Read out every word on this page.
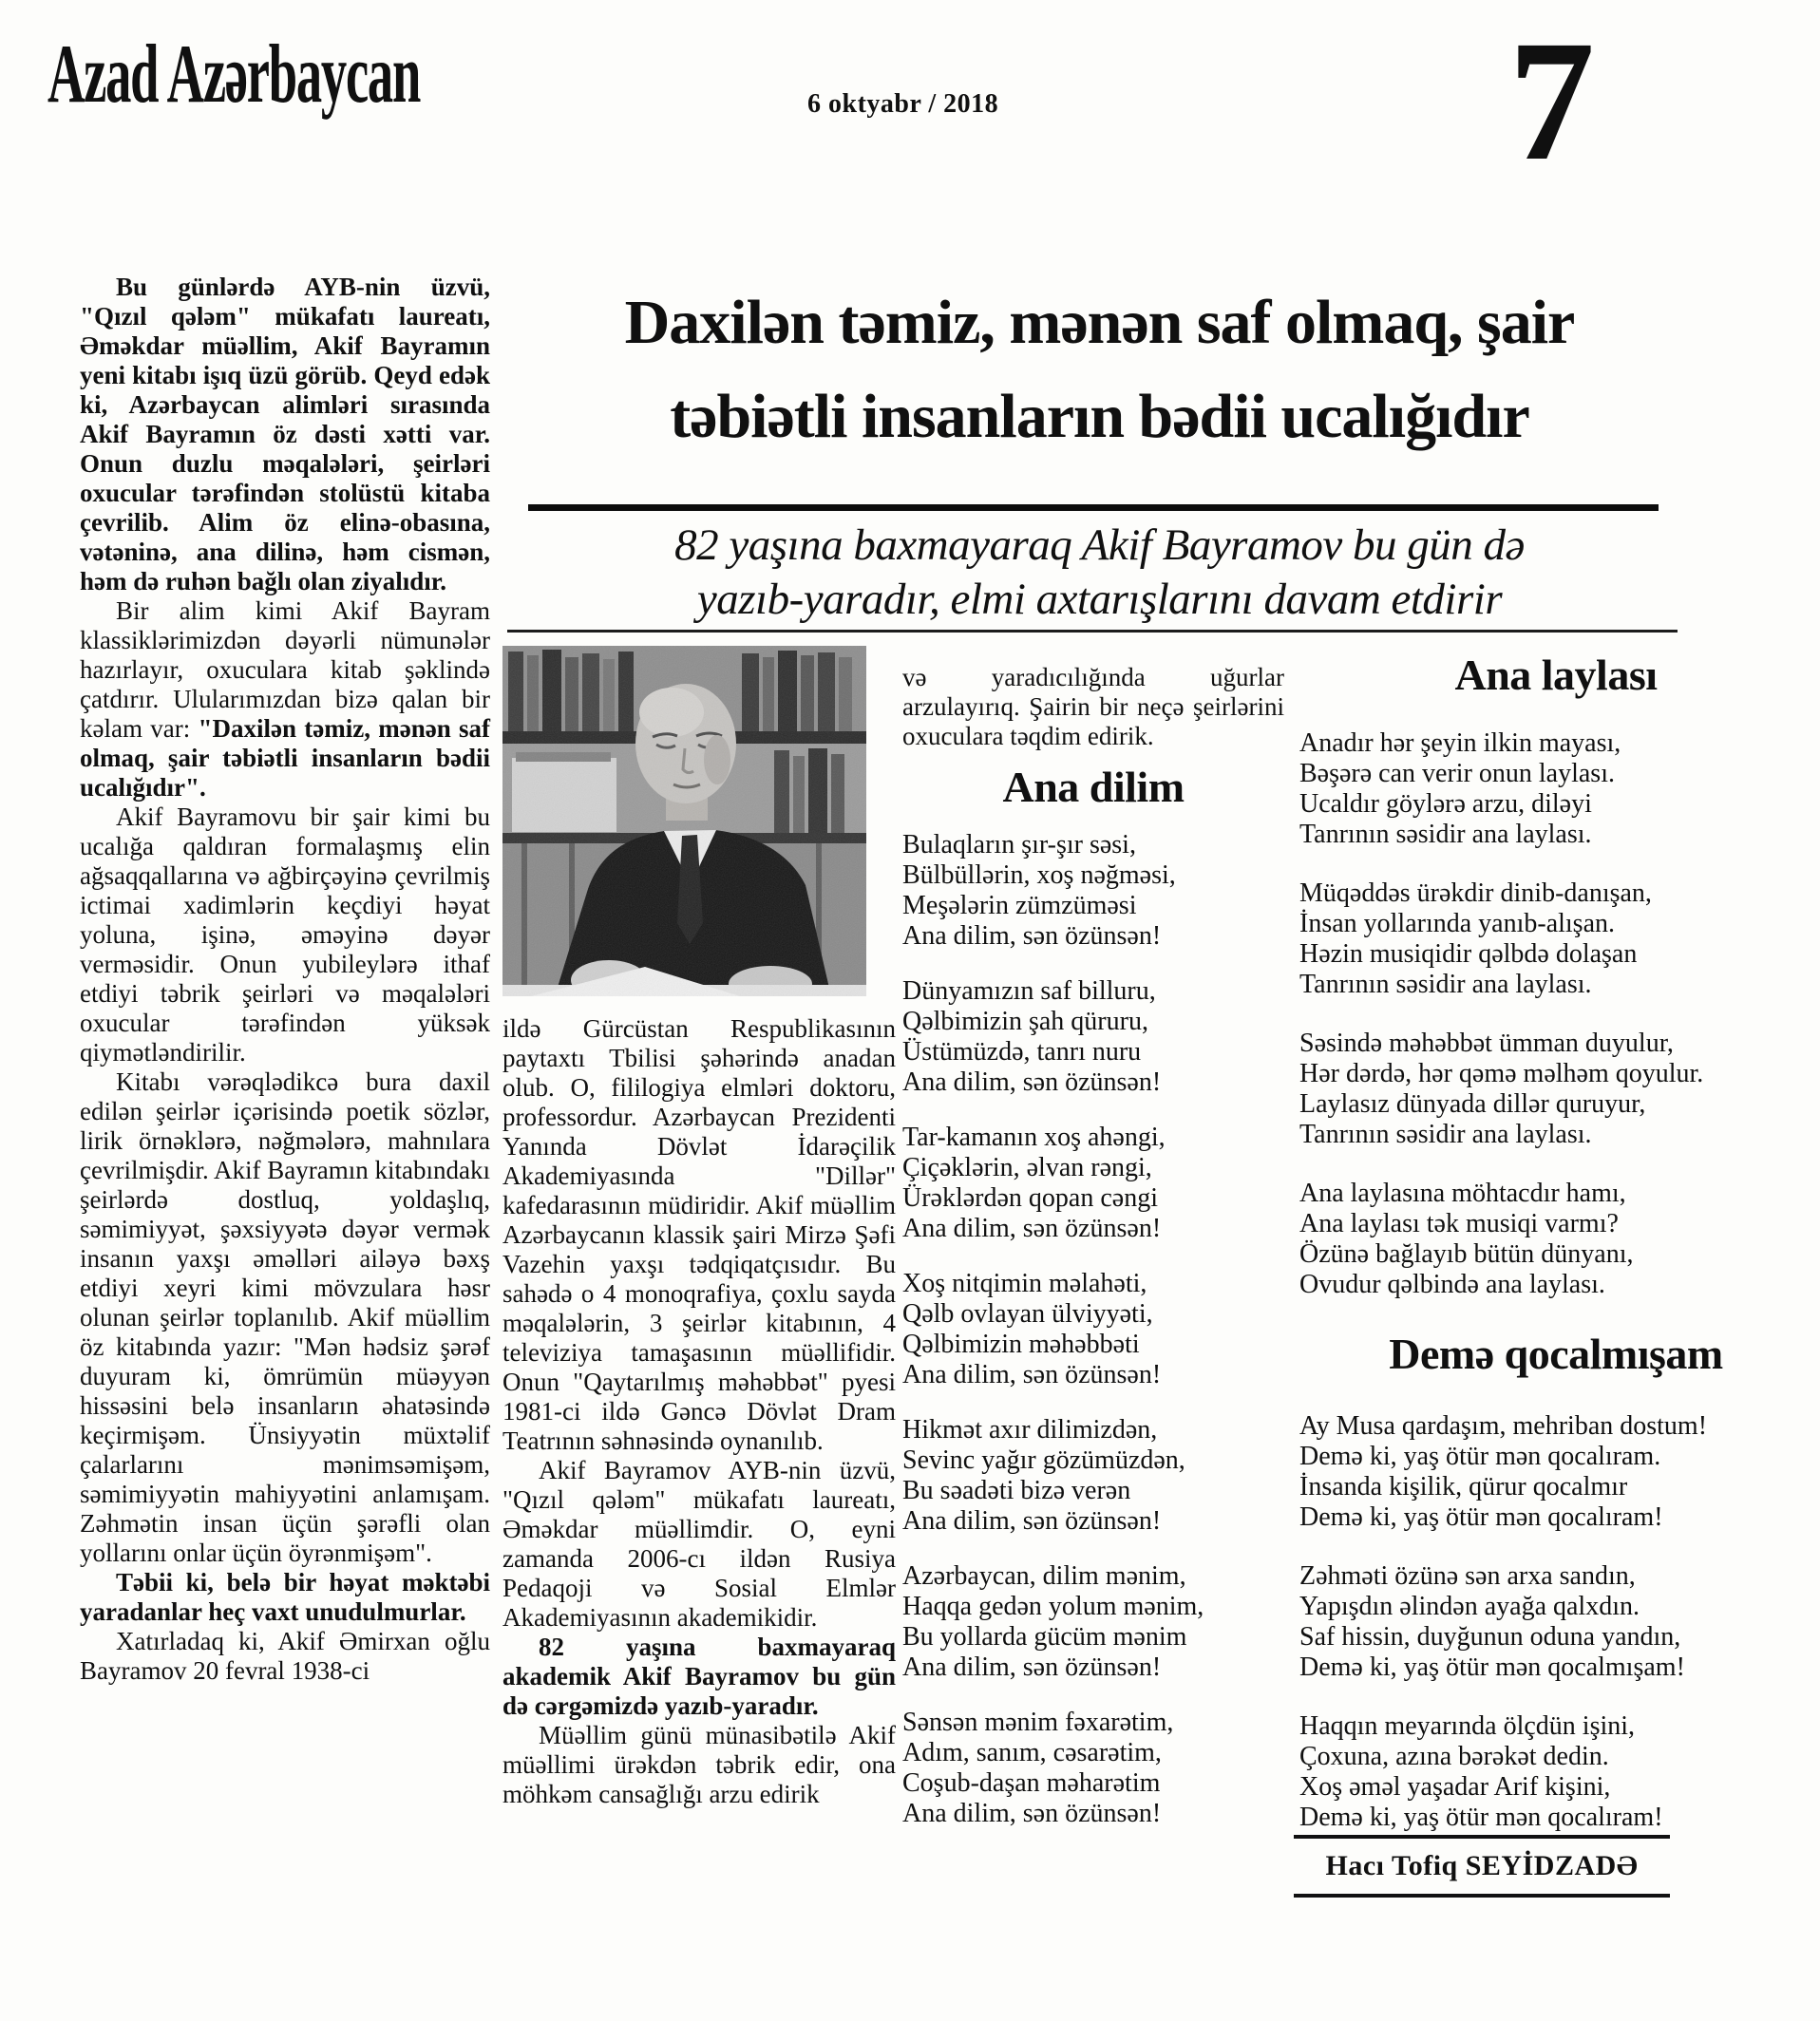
Azad Azərbaycan	6 oktyabr / 2018	7
Daxilən təmiz, mənən saf olmaq, şair
təbiətli insanların bədii ucalığıdır
82 yaşına baxmayaraq Akif Bayramov bu gün də
yazıb-yaradır, elmi axtarışlarını davam etdirir

Bu günlərdə AYB-nin üzvü, "Qızıl qələm" mükafatı laureatı, Əməkdar müəllim, Akif Bayramın yeni kitabı işıq üzü görüb. Qeyd edək ki, Azərbaycan alimləri sırasında Akif Bayramın öz dəsti xətti var. Onun duzlu məqalələri, şeirləri oxucular tərəfindən stolüstü kitaba çevrilib. Alim öz elinə-obasına, vətəninə, ana dilinə, həm cismən, həm də ruhən bağlı olan ziyalıdır.

Bir alim kimi Akif Bayram klassiklərimizdən dəyərli nümunələr hazırlayır, oxuculara kitab şəklində çatdırır. Ulularımızdan bizə qalan bir kəlam var: "Daxilən təmiz, mənən saf olmaq, şair təbiətli insanların bədii ucalığıdır".

Akif Bayramovu bir şair kimi bu ucalığa qaldıran formalaşmış elin ağsaqqallarına və ağbirçəyinə çevrilmiş ictimai xadimlərin keçdiyi həyat yoluna, işinə, əməyinə dəyər verməsidir. Onun yubileylərə ithaf etdiyi təbrik şeirləri və məqalələri oxucular tərəfindən yüksək qiymətləndirilir.

Kitabı vərəqlədikcə bura daxil edilən şeirlər içərisində poetik sözlər, lirik örnəklərə, nəğmələrə, mahnılara çevrilmişdir. Akif Bayramın kitabındakı şeirlərdə dostluq, yoldaşlıq, səmimiyyət, şəxsiyyətə dəyər vermək insanın yaxşı əməlləri ailəyə bəxş etdiyi xeyri kimi mövzulara həsr olunan şeirlər toplanılıb. Akif müəllim öz kitabında yazır: "Mən hədsiz şərəf duyuram ki, ömrümün müəyyən hissəsini belə insanların əhatəsində keçirmişəm. Ünsiyyətin müxtəlif çalarlarını mənimsəmişəm, səmimiyyətin mahiyyətini anlamışam. Zəhmətin insan üçün şərəfli olan yollarını onlar üçün öyrənmişəm".

Təbii ki, belə bir həyat məktəbi yaradanlar heç vaxt unudulmurlar.

Xatırladaq ki, Akif Əmirxan oğlu Bayramov 20 fevral 1938-ci

ildə Gürcüstan Respublikasının paytaxtı Tbilisi şəhərində anadan olub. O, fililogiya elmləri doktoru, professordur. Azərbaycan Prezidenti Yanında Dövlət İdarəçilik Akademiyasında "Dillər" kafedarasının müdiridir. Akif müəllim Azərbaycanın klassik şairi Mirzə Şəfi Vazehin yaxşı tədqiqatçısıdır. Bu sahədə o 4 monoqrafiya, çoxlu sayda məqalələrin, 3 şeirlər kitabının, 4 televiziya tamaşasının müəllifidir. Onun "Qaytarılmış məhəbbət" pyesi 1981-ci ildə Gəncə Dövlət Dram Teatrının səhnəsində oynanılıb.

Akif Bayramov AYB-nin üzvü, "Qızıl qələm" mükafatı laureatı, Əməkdar müəllimdir. O, eyni zamanda 2006-cı ildən Rusiya Pedaqoji və Sosial Elmlər Akademiyasının akademikidir.

82 yaşına baxmayaraq akademik Akif Bayramov bu gün də cərgəmizdə yazıb-yaradır.

Müəllim günü münasibətilə Akif müəllimi ürəkdən təbrik edir, ona möhkəm cansağlığı arzu edirik

və yaradıcılığında uğurlar arzulayırıq. Şairin bir neçə şeirlərini oxuculara təqdim edirik.

Ana dilim
Bulaqların şır-şır səsi,
Bülbüllərin, xoş nəğməsi,
Meşələrin zümzüməsi
Ana dilim, sən özünsən!
Dünyamızın saf billuru,
Qəlbimizin şah qüruru,
Üstümüzdə, tanrı nuru
Ana dilim, sən özünsən!
Tar-kamanın xoş ahəngi,
Çiçəklərin, əlvan rəngi,
Ürəklərdən qopan cəngi
Ana dilim, sən özünsən!
Xoş nitqimin məlahəti,
Qəlb ovlayan ülviyyəti,
Qəlbimizin məhəbbəti
Ana dilim, sən özünsən!
Hikmət axır dilimizdən,
Sevinc yağır gözümüzdən,
Bu səadəti bizə verən
Ana dilim, sən özünsən!
Azərbaycan, dilim mənim,
Haqqa gedən yolum mənim,
Bu yollarda gücüm mənim
Ana dilim, sən özünsən!
Sənsən mənim fəxarətim,
Adım, sanım, cəsarətim,
Coşub-daşan məharətim
Ana dilim, sən özünsən!
Ana laylası
Anadır hər şeyin ilkin mayası,
Bəşərə can verir onun laylası.
Ucaldır göylərə arzu, diləyi
Tanrının səsidir ana laylası.
Müqəddəs ürəkdir dinib-danışan,
İnsan yollarında yanıb-alışan.
Həzin musiqidir qəlbdə dolaşan
Tanrının səsidir ana laylası.
Səsində məhəbbət ümman duyulur,
Hər dərdə, hər qəmə məlhəm qoyulur.
Laylasız dünyada dillər quruyur,
Tanrının səsidir ana laylası.
Ana laylasına möhtacdır hamı,
Ana laylası tək musiqi varmı?
Özünə bağlayıb bütün dünyanı,
Ovudur qəlbində ana laylası.
Demə qocalmışam
Ay Musa qardaşım, mehriban dostum!
Demə ki, yaş ötür mən qocalıram.
İnsanda kişilik, qürur qocalmır
Demə ki, yaş ötür mən qocalıram!
Zəhməti özünə sən arxa sandın,
Yapışdın əlindən ayağa qalxdın.
Saf hissin, duyğunun oduna yandın,
Demə ki, yaş ötür mən qocalmışam!
Haqqın meyarında ölçdün işini,
Çoxuna, azına bərəkət dedin.
Xoş əməl yaşadar Arif kişini,
Demə ki, yaş ötür mən qocalıram!
Hacı Tofiq SEYİDZADƏ
